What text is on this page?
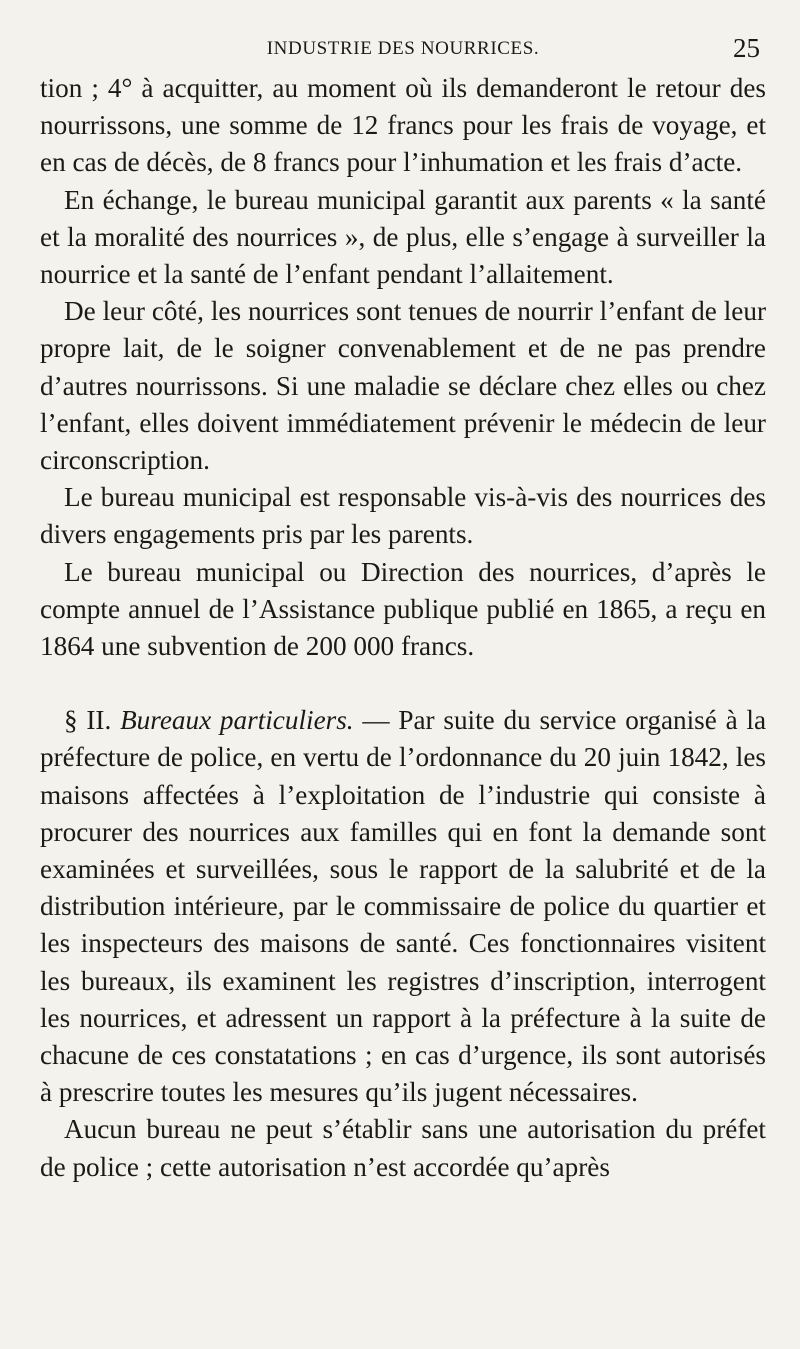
INDUSTRIE DES NOURRICES.	25

tion ; 4° à acquitter, au moment où ils demanderont le retour des nourrissons, une somme de 12 francs pour les frais de voyage, et en cas de décès, de 8 francs pour l’inhumation et les frais d’acte.

En échange, le bureau municipal garantit aux parents « la santé et la moralité des nourrices », de plus, elle s’engage à surveiller la nourrice et la santé de l’enfant pendant l’allaitement.

De leur côté, les nourrices sont tenues de nourrir l’enfant de leur propre lait, de le soigner convenablement et de ne pas prendre d’autres nourrissons. Si une maladie se déclare chez elles ou chez l’enfant, elles doivent immédiatement prévenir le médecin de leur circonscription.

Le bureau municipal est responsable vis-à-vis des nourrices des divers engagements pris par les parents.

Le bureau municipal ou Direction des nourrices, d’après le compte annuel de l’Assistance publique publié en 1865, a reçu en 1864 une subvention de 200 000 francs.

§ II. Bureaux particuliers. — Par suite du service organisé à la préfecture de police, en vertu de l’ordonnance du 20 juin 1842, les maisons affectées à l’exploitation de l’industrie qui consiste à procurer des nourrices aux familles qui en font la demande sont examinées et surveillées, sous le rapport de la salubrité et de la distribution intérieure, par le commissaire de police du quartier et les inspecteurs des maisons de santé. Ces fonctionnaires visitent les bureaux, ils examinent les registres d’inscription, interrogent les nourrices, et adressent un rapport à la préfecture à la suite de chacune de ces constatations ; en cas d’urgence, ils sont autorisés à prescrire toutes les mesures qu’ils jugent nécessaires.

Aucun bureau ne peut s’établir sans une autorisation du préfet de police ; cette autorisation n’est accordée qu’après
